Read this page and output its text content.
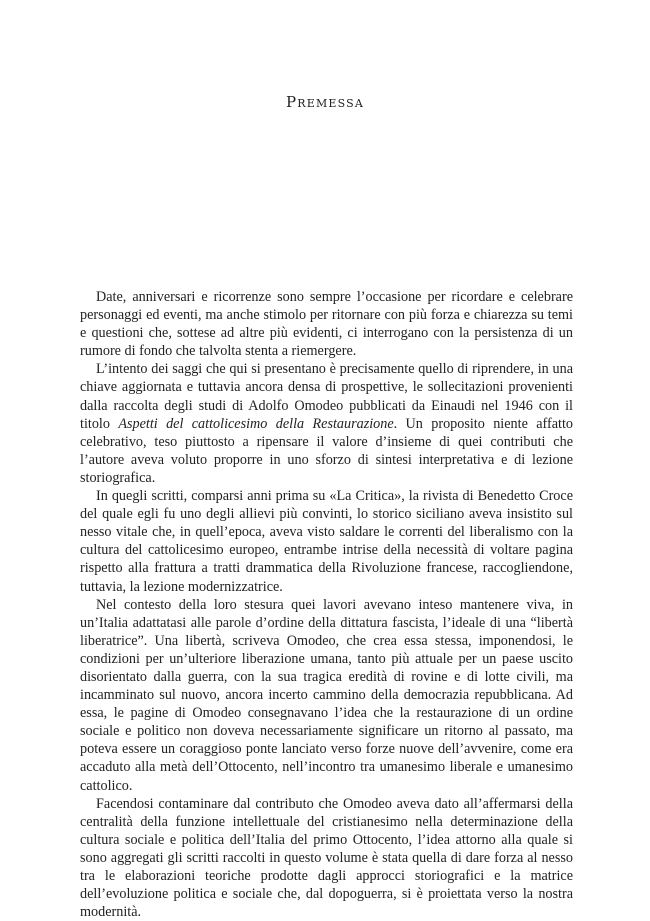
Premessa

Date, anniversari e ricorrenze sono sempre l’occasione per ricordare e celebrare personaggi ed eventi, ma anche stimolo per ritornare con più forza e chiarezza su temi e questioni che, sottese ad altre più evidenti, ci interrogano con la persistenza di un rumore di fondo che talvolta stenta a riemergere.

L’intento dei saggi che qui si presentano è precisamente quello di riprendere, in una chiave aggiornata e tuttavia ancora densa di prospettive, le sollecitazioni provenienti dalla raccolta degli studi di Adolfo Omodeo pubblicati da Einaudi nel 1946 con il titolo Aspetti del cattolicesimo della Restaurazione. Un proposito niente affatto celebrativo, teso piuttosto a ripensare il valore d’insieme di quei contributi che l’autore aveva voluto proporre in uno sforzo di sintesi interpretativa e di lezione storiografica.

In quegli scritti, comparsi anni prima su «La Critica», la rivista di Benedetto Croce del quale egli fu uno degli allievi più convinti, lo storico siciliano aveva insistito sul nesso vitale che, in quell’epoca, aveva visto saldare le correnti del liberalismo con la cultura del cattolicesimo europeo, entrambe intrise della necessità di voltare pagina rispetto alla frattura a tratti drammatica della Rivoluzione francese, raccogliendone, tuttavia, la lezione modernizzatrice.

Nel contesto della loro stesura quei lavori avevano inteso mantenere viva, in un’Italia adattatasi alle parole d’ordine della dittatura fascista, l’ideale di una “libertà liberatrice”. Una libertà, scriveva Omodeo, che crea essa stessa, imponendosi, le condizioni per un’ulteriore liberazione umana, tanto più attuale per un paese uscito disorientato dalla guerra, con la sua tragica eredità di rovine e di lotte civili, ma incamminato sul nuovo, ancora incerto cammino della democrazia repubblicana. Ad essa, le pagine di Omodeo consegnavano l’idea che la restaurazione di un ordine sociale e politico non doveva necessariamente significare un ritorno al passato, ma poteva essere un coraggioso ponte lanciato verso forze nuove dell’avvenire, come era accaduto alla metà dell’Ottocento, nell’incontro tra umanesimo liberale e umanesimo cattolico.

Facendosi contaminare dal contributo che Omodeo aveva dato all’affermarsi della centralità della funzione intellettuale del cristianesimo nella determinazione della cultura sociale e politica dell’Italia del primo Ottocento, l’idea attorno alla quale si sono aggregati gli scritti raccolti in questo volume è stata quella di dare forza al nesso tra le elaborazioni teoriche prodotte dagli approcci storiografici e la matrice dell’evoluzione politica e sociale che, dal dopoguerra, si è proiettata verso la nostra modernità.
